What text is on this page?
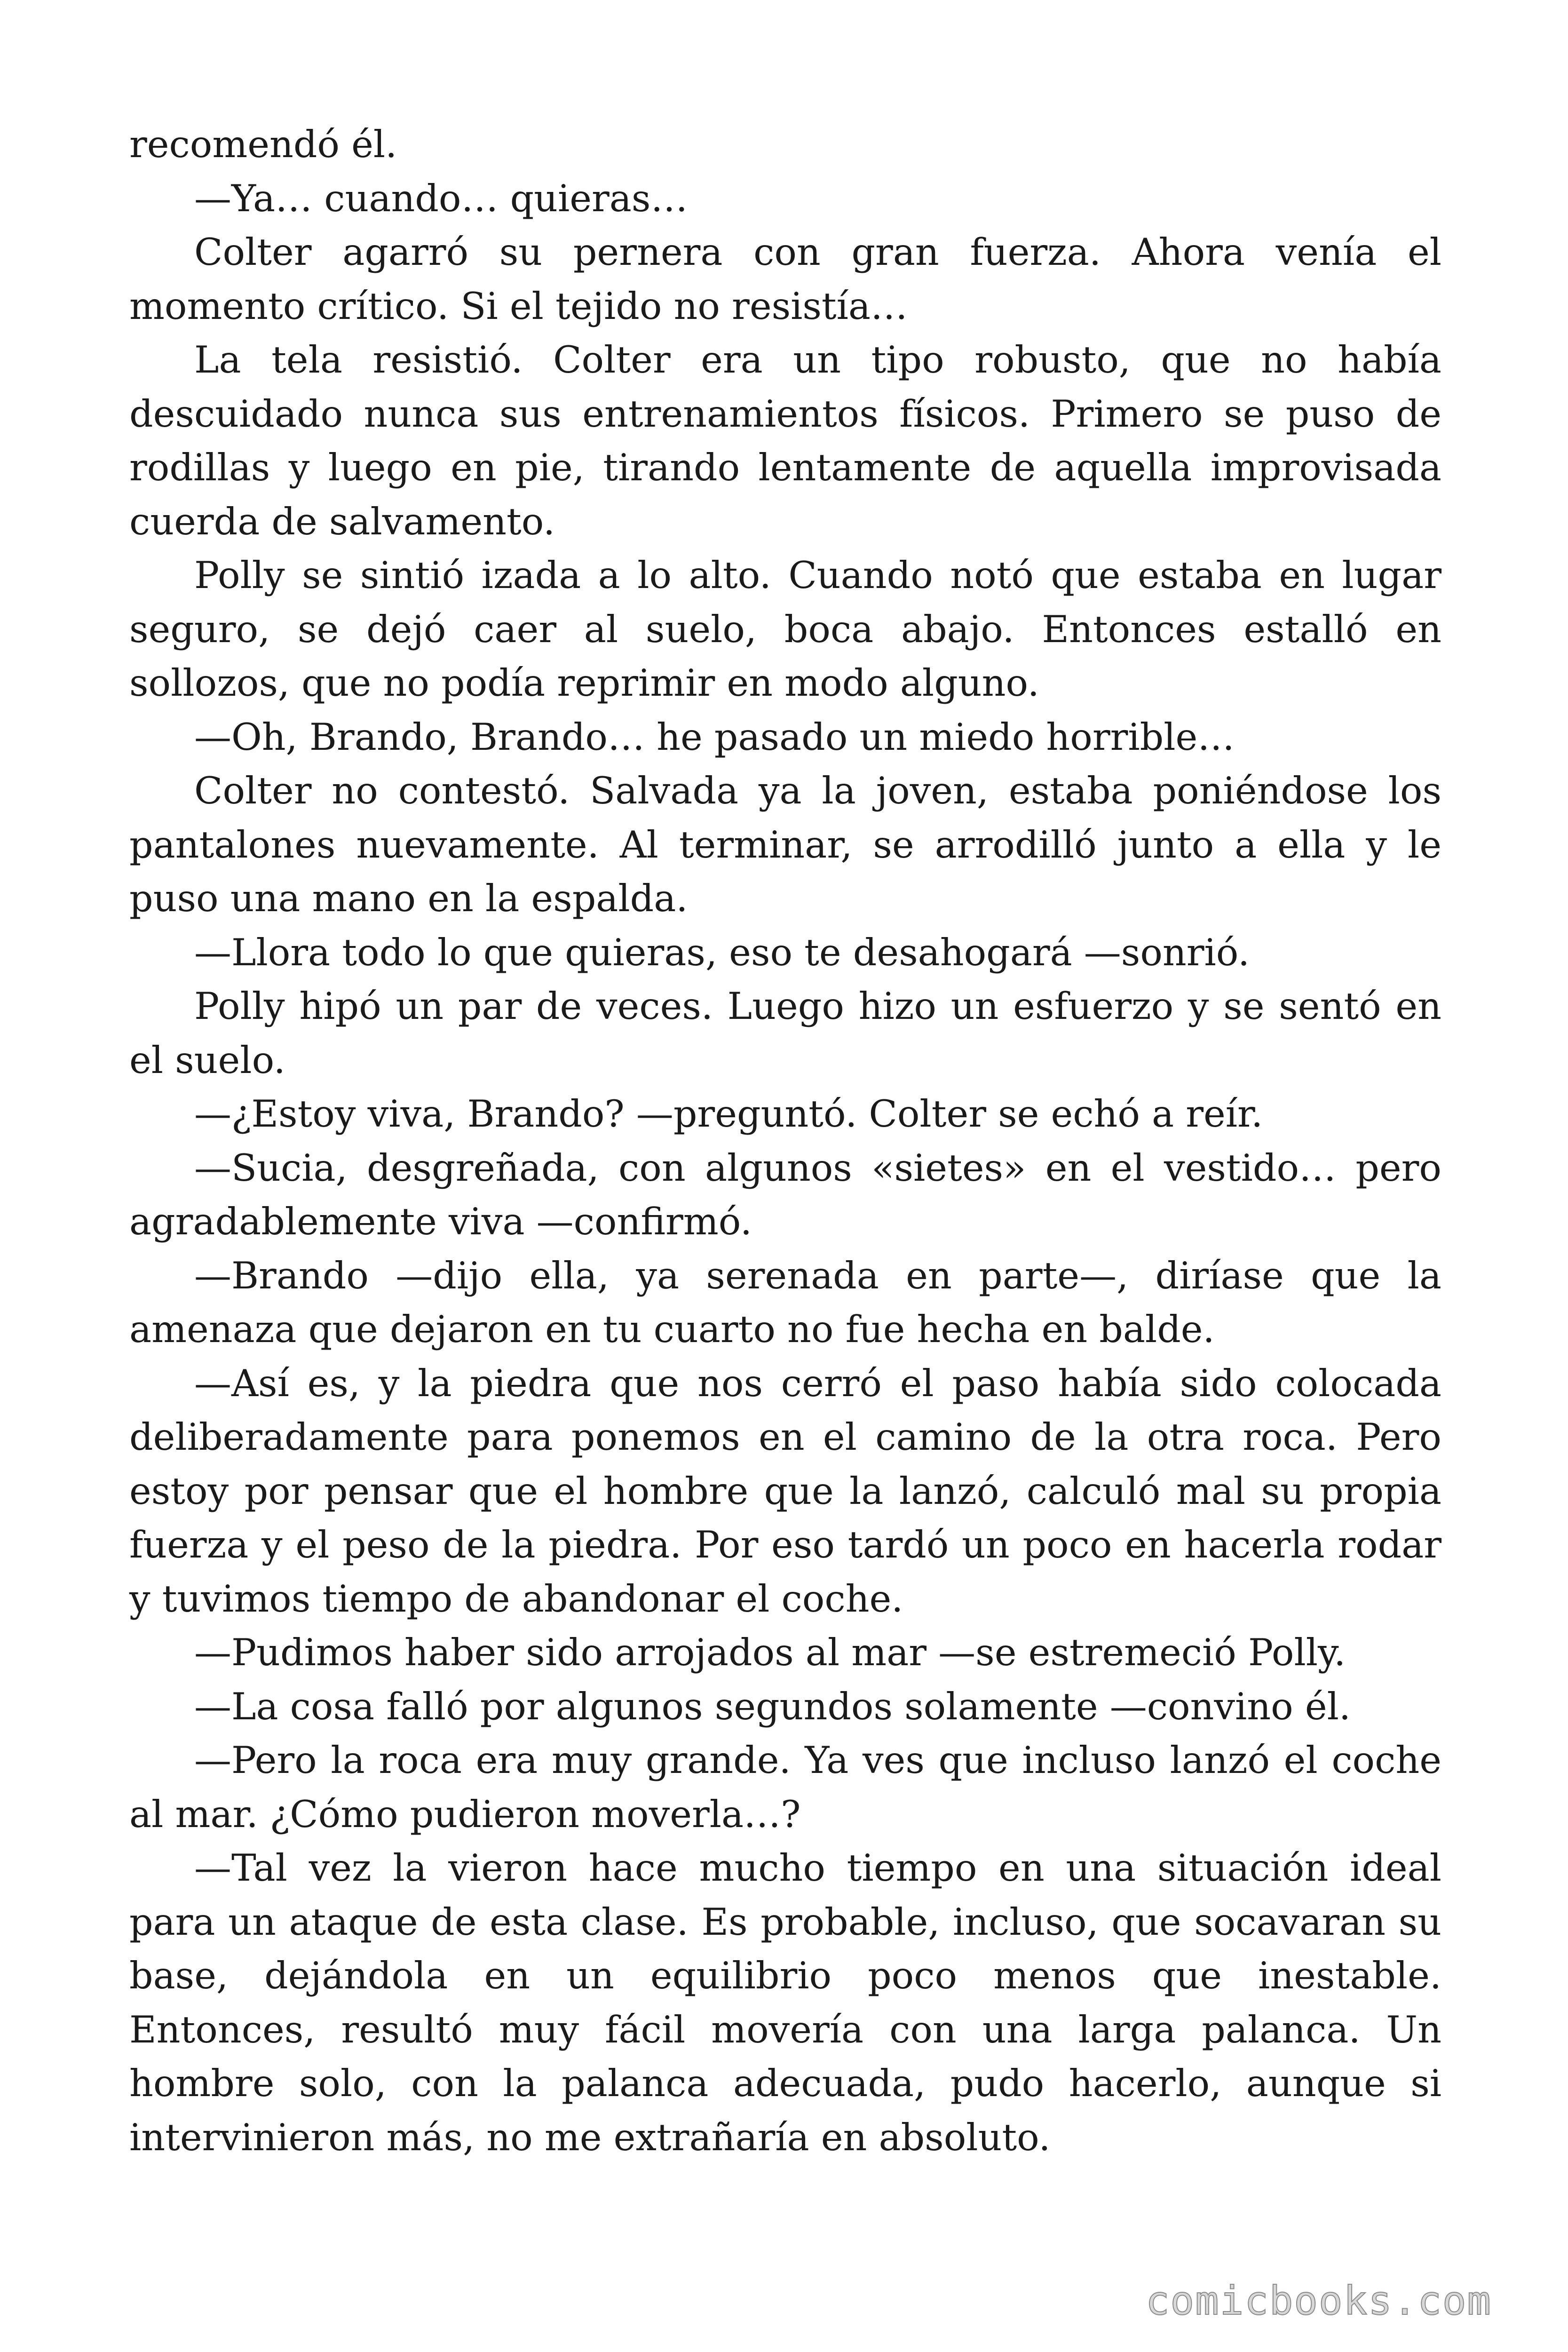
recomendó él.

—Ya… cuando… quieras…

Colter agarró su pernera con gran fuerza. Ahora venía el momento crítico. Si el tejido no resistía…

La tela resistió. Colter era un tipo robusto, que no había descuidado nunca sus entrenamientos físicos. Primero se puso de rodillas y luego en pie, tirando lentamente de aquella improvisada cuerda de salvamento.

Polly se sintió izada a lo alto. Cuando notó que estaba en lugar seguro, se dejó caer al suelo, boca abajo. Entonces estalló en sollozos, que no podía reprimir en modo alguno.

—Oh, Brando, Brando… he pasado un miedo horrible…

Colter no contestó. Salvada ya la joven, estaba poniéndose los pantalones nuevamente. Al terminar, se arrodilló junto a ella y le puso una mano en la espalda.

—Llora todo lo que quieras, eso te desahogará —sonrió.

Polly hipó un par de veces. Luego hizo un esfuerzo y se sentó en el suelo.

—¿Estoy viva, Brando? —preguntó. Colter se echó a reír.

—Sucia, desgreñada, con algunos «sietes» en el vestido… pero agradablemente viva —confirmó.

—Brando —dijo ella, ya serenada en parte—, diríase que la amenaza que dejaron en tu cuarto no fue hecha en balde.

—Así es, y la piedra que nos cerró el paso había sido colocada deliberadamente para ponemos en el camino de la otra roca. Pero estoy por pensar que el hombre que la lanzó, calculó mal su propia fuerza y el peso de la piedra. Por eso tardó un poco en hacerla rodar y tuvimos tiempo de abandonar el coche.

—Pudimos haber sido arrojados al mar —se estremeció Polly.

—La cosa falló por algunos segundos solamente —convino él.

—Pero la roca era muy grande. Ya ves que incluso lanzó el coche al mar. ¿Cómo pudieron moverla…?

—Tal vez la vieron hace mucho tiempo en una situación ideal para un ataque de esta clase. Es probable, incluso, que socavaran su base, dejándola en un equilibrio poco menos que inestable. Entonces, resultó muy fácil movería con una larga palanca. Un hombre solo, con la palanca adecuada, pudo hacerlo, aunque si intervinieron más, no me extrañaría en absoluto.

comicbooks.com
